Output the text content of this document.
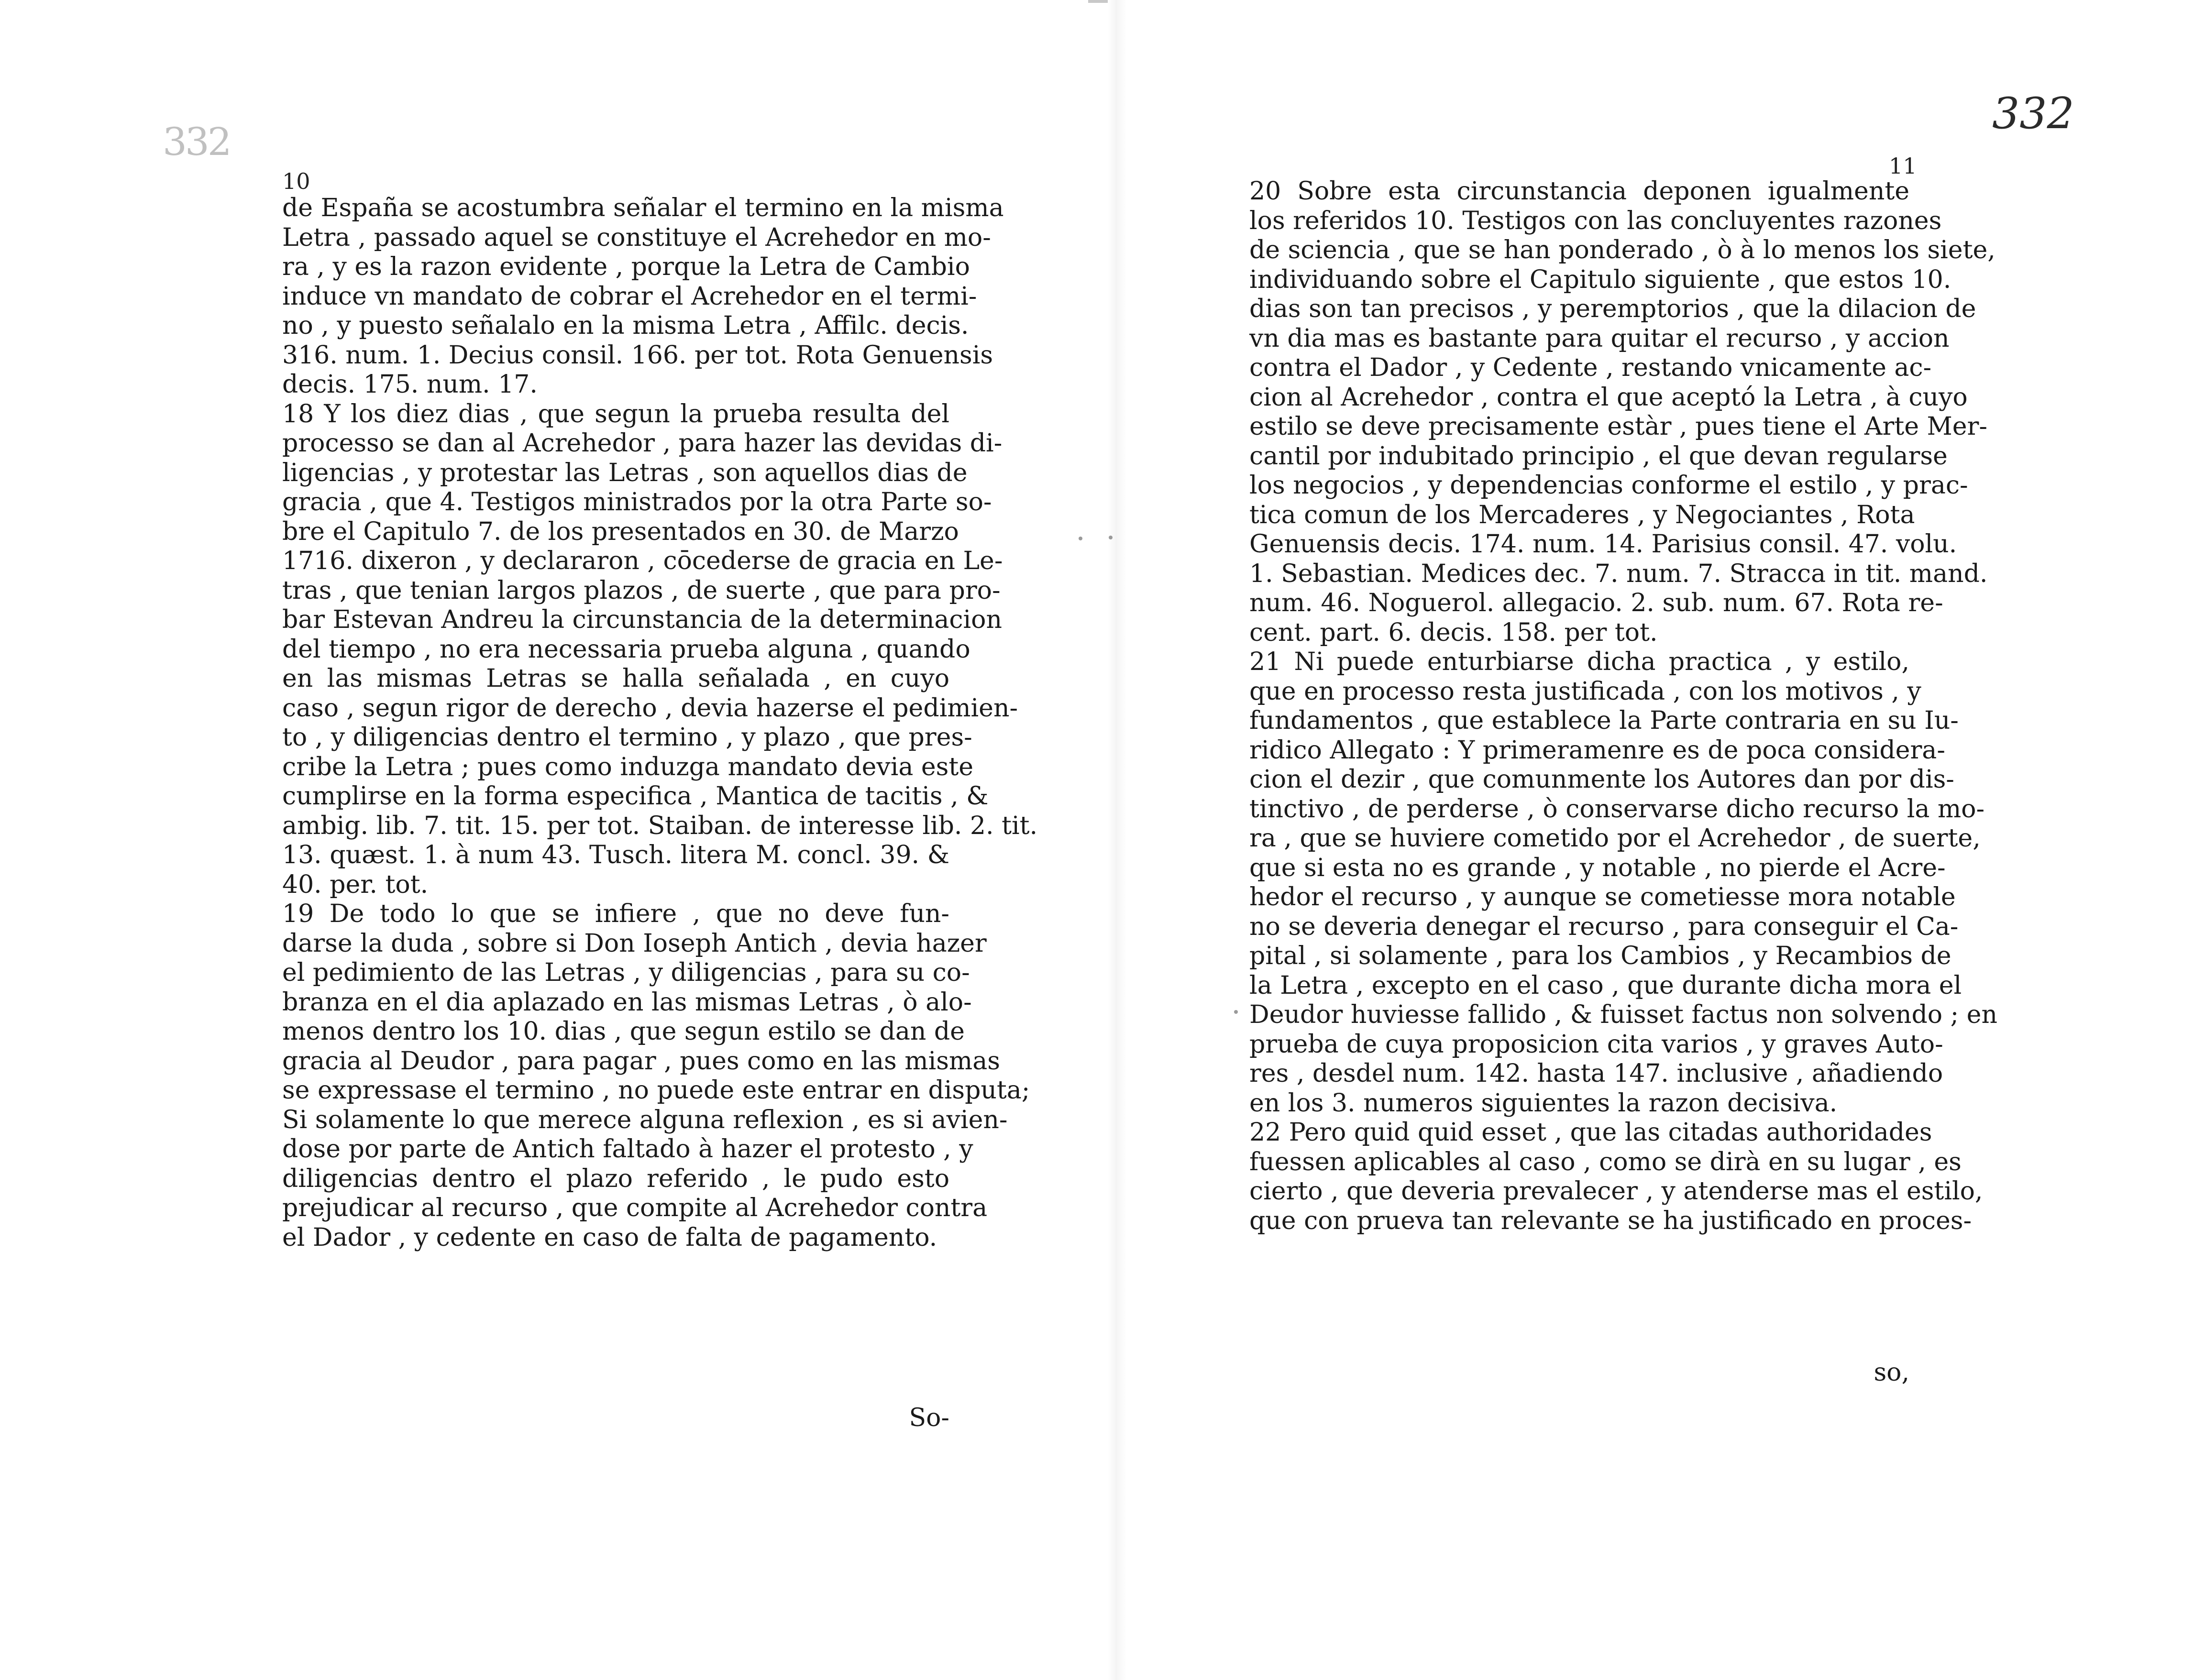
332
332
10
de España se acostumbra señalar el termino en la misma
Letra , passado aquel se constituye el Acrehedor en mo-
ra , y es la razon evidente , porque la Letra de Cambio
induce vn mandato de cobrar el Acrehedor en el termi-
no , y puesto señalalo en la misma Letra , Affilc. decis.
316. num. 1. Decius consil. 166. per tot. Rota Genuensis
decis. 175. num. 17.
18 Y los diez dias , que segun la prueba resulta del
processo se dan al Acrehedor , para hazer las devidas di-
ligencias , y protestar las Letras , son aquellos dias de
gracia , que 4. Testigos ministrados por la otra Parte so-
bre el Capitulo 7. de los presentados en 30. de Marzo
1716. dixeron , y declararon , cōcederse de gracia en Le-
tras , que tenian largos plazos , de suerte , que para pro-
bar Estevan Andreu la circunstancia de la determinacion
del tiempo , no era necessaria prueba alguna , quando
en las mismas Letras se halla señalada , en cuyo
caso , segun rigor de derecho , devia hazerse el pedimien-
to , y diligencias dentro el termino , y plazo , que pres-
cribe la Letra ; pues como induzga mandato devia este
cumplirse en la forma especifica , Mantica de tacitis , &
ambig. lib. 7. tit. 15. per tot. Staiban. de interesse lib. 2. tit.
13. quæst. 1. à num 43. Tusch. litera M. concl. 39. &
40. per. tot.
19 De todo lo que se infiere , que no deve fun-
darse la duda , sobre si Don Ioseph Antich , devia hazer
el pedimiento de las Letras , y diligencias , para su co-
branza en el dia aplazado en las mismas Letras , ò alo-
menos dentro los 10. dias , que segun estilo se dan de
gracia al Deudor , para pagar , pues como en las mismas
se expressase el termino , no puede este entrar en disputa;
Si solamente lo que merece alguna reflexion , es si avien-
dose por parte de Antich faltado à hazer el protesto , y
diligencias dentro el plazo referido , le pudo esto
prejudicar al recurso , que compite al Acrehedor contra
el Dador , y cedente en caso de falta de pagamento.
So-
11
20 Sobre esta circunstancia deponen igualmente
los referidos 10. Testigos con las concluyentes razones
de sciencia , que se han ponderado , ò à lo menos los siete,
individuando sobre el Capitulo siguiente , que estos 10.
dias son tan precisos , y peremptorios , que la dilacion de
vn dia mas es bastante para quitar el recurso , y accion
contra el Dador , y Cedente , restando vnicamente ac-
cion al Acrehedor , contra el que aceptó la Letra , à cuyo
estilo se deve precisamente estàr , pues tiene el Arte Mer-
cantil por indubitado principio , el que devan regularse
los negocios , y dependencias conforme el estilo , y prac-
tica comun de los Mercaderes , y Negociantes , Rota
Genuensis decis. 174. num. 14. Parisius consil. 47. volu.
1. Sebastian. Medices dec. 7. num. 7. Stracca in tit. mand.
num. 46. Noguerol. allegacio. 2. sub. num. 67. Rota re-
cent. part. 6. decis. 158. per tot.
21 Ni puede enturbiarse dicha practica , y estilo,
que en processo resta justificada , con los motivos , y
fundamentos , que establece la Parte contraria en su Iu-
ridico Allegato : Y primeramenre es de poca considera-
cion el dezir , que comunmente los Autores dan por dis-
tinctivo , de perderse , ò conservarse dicho recurso la mo-
ra , que se huviere cometido por el Acrehedor , de suerte,
que si esta no es grande , y notable , no pierde el Acre-
hedor el recurso , y aunque se cometiesse mora notable
no se deveria denegar el recurso , para conseguir el Ca-
pital , si solamente , para los Cambios , y Recambios de
la Letra , excepto en el caso , que durante dicha mora el
Deudor huviesse fallido , & fuisset factus non solvendo ; en
prueba de cuya proposicion cita varios , y graves Auto-
res , desdel num. 142. hasta 147. inclusive , añadiendo
en los 3. numeros siguientes la razon decisiva.
22 Pero quid quid esset , que las citadas authoridades
fuessen aplicables al caso , como se dirà en su lugar , es
cierto , que deveria prevalecer , y atenderse mas el estilo,
que con prueva tan relevante se ha justificado en proces-
so,
